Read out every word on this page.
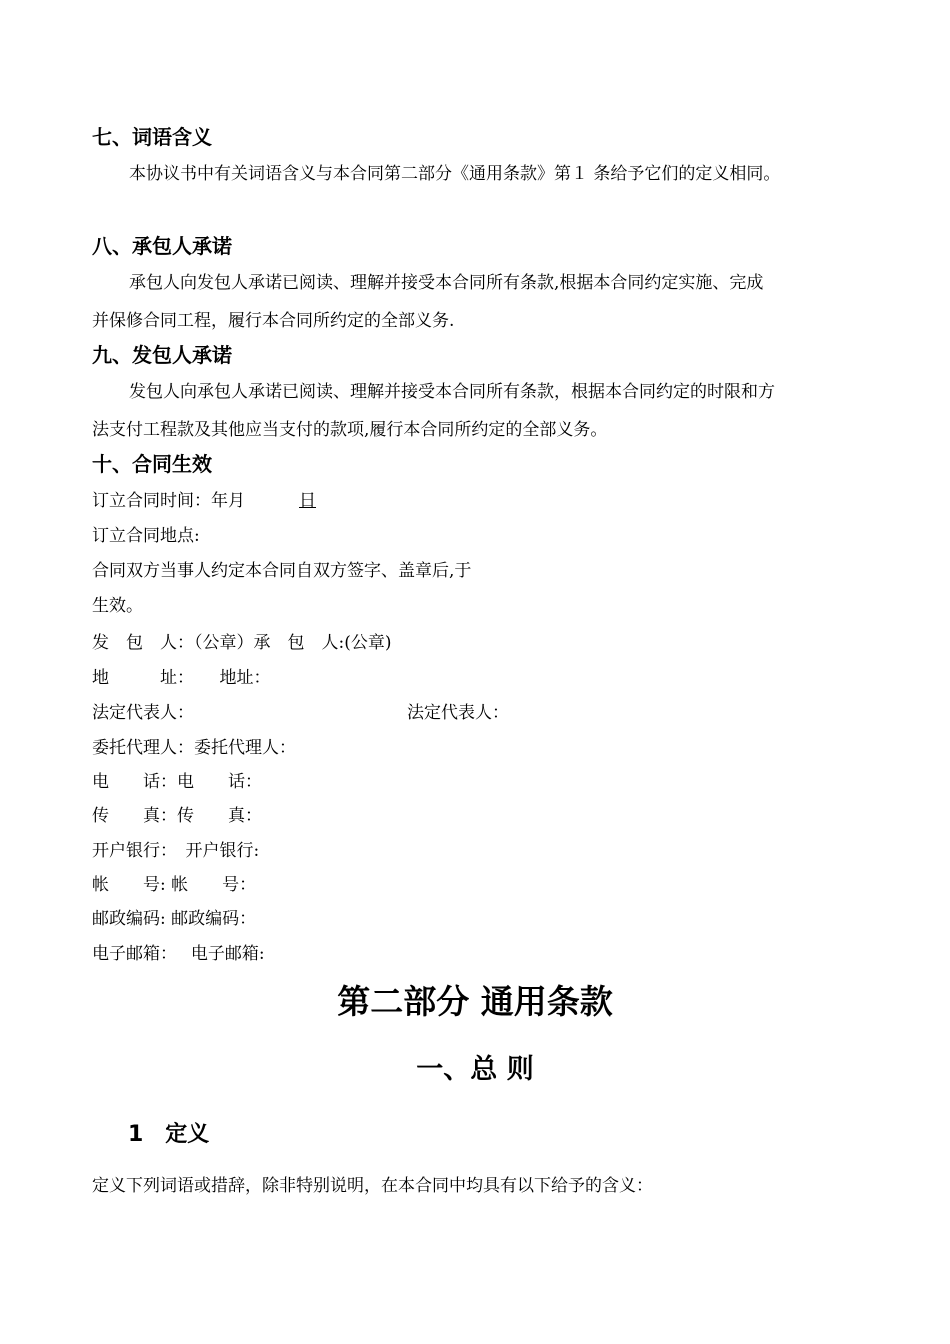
七、词语含义
本协议书中有关词语含义与本合同第二部分《通用条款》第１ 条给予它们的定义相同。
八、承包人承诺
承包人向发包人承诺已阅读、理解并接受本合同所有条款,根据本合同约定实施、完成
并保修合同工程，履行本合同所约定的全部义务.
九、发包人承诺
发包人向承包人承诺已阅读、理解并接受本合同所有条款，根据本合同约定的时限和方
法支付工程款及其他应当支付的款项,履行本合同所约定的全部义务。
十、合同生效
订立合同时间：年月	日
订立合同地点:
合同双方当事人约定本合同自双方签字、盖章后,于
生效。
发　包　人：（公章）承　包　人:(公章)
地　　　址：　　地址：
法定代表人：	法定代表人：
委托代理人：委托代理人：
电　　话：电　　话：
传　　真：传　　真：
开户银行：　开户银行:
帐　　号: 帐　　号：
邮政编码: 邮政编码：
电子邮箱：　 电子邮箱:
第二部分 通用条款
一、总 则
1　定义
定义下列词语或措辞，除非特别说明，在本合同中均具有以下给予的含义：
